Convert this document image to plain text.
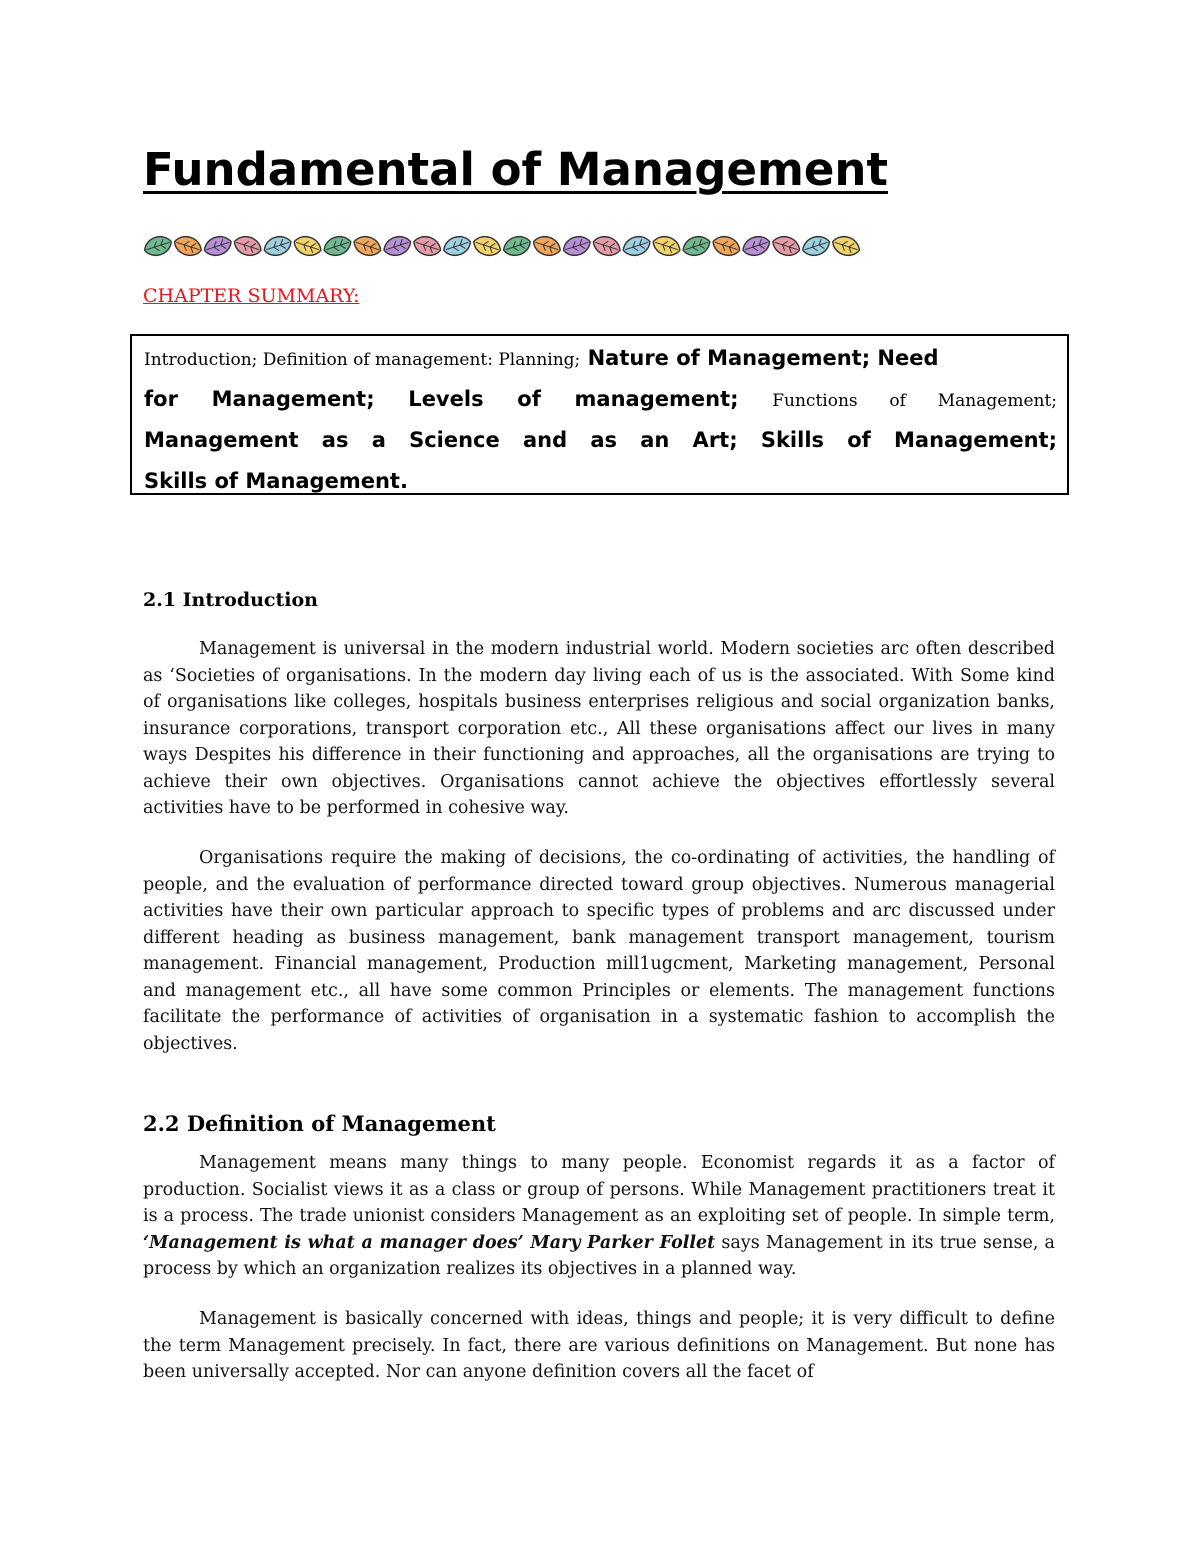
Fundamental of Management
CHAPTER SUMMARY:
Introduction; Definition of management: Planning; Nature of Management; Need
for Management; Levels of management; Functions of Management;
Management as a Science and as an Art; Skills of Management;
Skills of Management.
2.1 Introduction

Management is universal in the modern industrial world. Modern societies arc often described as ‘Societies of organisations. In the modern day living each of us is the associated. With Some kind of organisations like colleges, hospitals business enterprises religious and social organization banks, insurance corporations, transport corporation etc., All these organisations affect our lives in many ways Despites his difference in their functioning and approaches, all the organisations are trying to achieve their own objectives. Organisations cannot achieve the objectives effortlessly several activities have to be performed in cohesive way.

Organisations require the making of decisions, the co-ordinating of activities, the handling of people, and the evaluation of performance directed toward group objectives. Numerous managerial activities have their own particular approach to specific types of problems and arc discussed under different heading as business management, bank management transport management, tourism management. Financial management, Production mill1ugcment, Marketing management, Personal and management etc., all have some common Principles or elements. The management functions facilitate the performance of activities of organisation in a systematic fashion to accomplish the objectives.

2.2 Definition of Management

Management means many things to many people. Economist regards it as a factor of production. Socialist views it as a class or group of persons. While Management practitioners treat it is a process. The trade unionist considers Management as an exploiting set of people. In simple term, ‘Management is what a manager does’ Mary Parker Follet says Management in its true sense, a process by which an organization realizes its objectives in a planned way.

Management is basically concerned with ideas, things and people; it is very difficult to define the term Management precisely. In fact, there are various definitions on Management. But none has been universally accepted. Nor can anyone definition covers all the facet of
